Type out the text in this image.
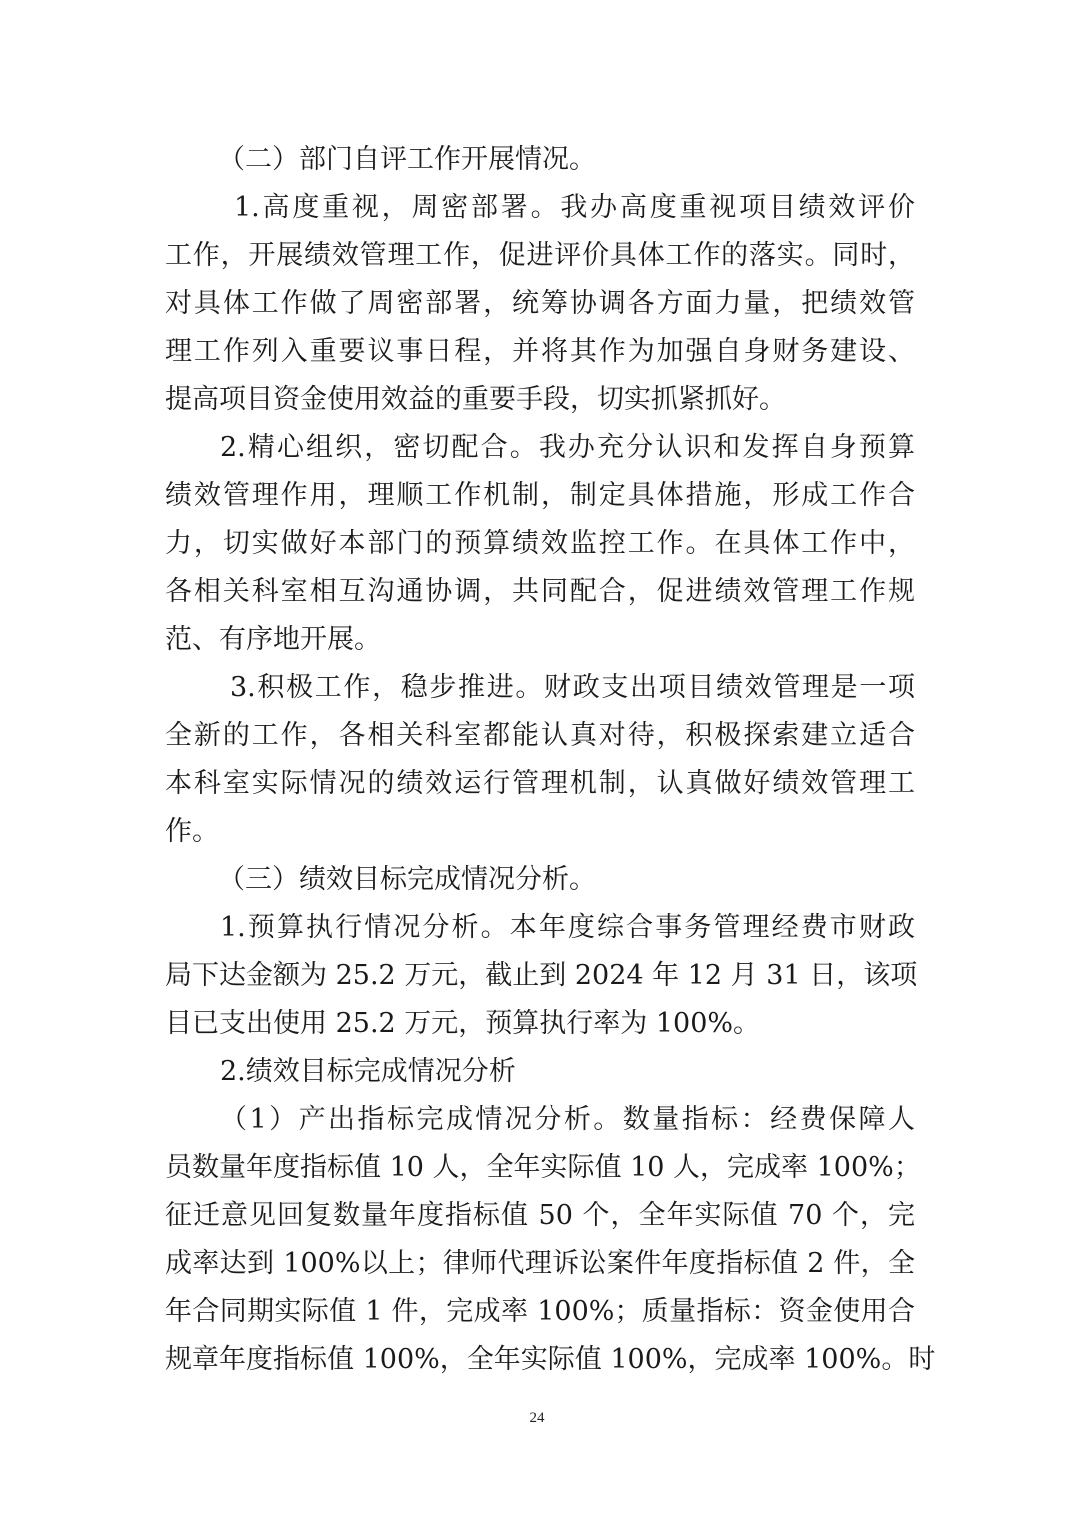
（二）部门自评工作开展情况。
1.高度重视，周密部署。我办高度重视项目绩效评价
工作，开展绩效管理工作，促进评价具体工作的落实。同时，
对具体工作做了周密部署，统筹协调各方面力量，把绩效管
理工作列入重要议事日程，并将其作为加强自身财务建设、
提高项目资金使用效益的重要手段，切实抓紧抓好。
2.精心组织，密切配合。我办充分认识和发挥自身预算
绩效管理作用，理顺工作机制，制定具体措施，形成工作合
力，切实做好本部门的预算绩效监控工作。在具体工作中，
各相关科室相互沟通协调，共同配合，促进绩效管理工作规
范、有序地开展。
3.积极工作，稳步推进。财政支出项目绩效管理是一项
全新的工作，各相关科室都能认真对待，积极探索建立适合
本科室实际情况的绩效运行管理机制，认真做好绩效管理工
作。
（三）绩效目标完成情况分析。
1.预算执行情况分析。本年度综合事务管理经费市财政
局下达金额为 25.2 万元，截止到 2024 年 12 月 31 日，该项
目已支出使用 25.2 万元，预算执行率为 100%。
2.绩效目标完成情况分析
（1）产出指标完成情况分析。数量指标：经费保障人
员数量年度指标值 10 人，全年实际值 10 人，完成率 100%；
征迁意见回复数量年度指标值 50 个，全年实际值 70 个，完
成率达到 100%以上；律师代理诉讼案件年度指标值 2 件，全
年合同期实际值 1 件，完成率 100%；质量指标：资金使用合
规章年度指标值 100%，全年实际值 100%，完成率 100%。时
24
